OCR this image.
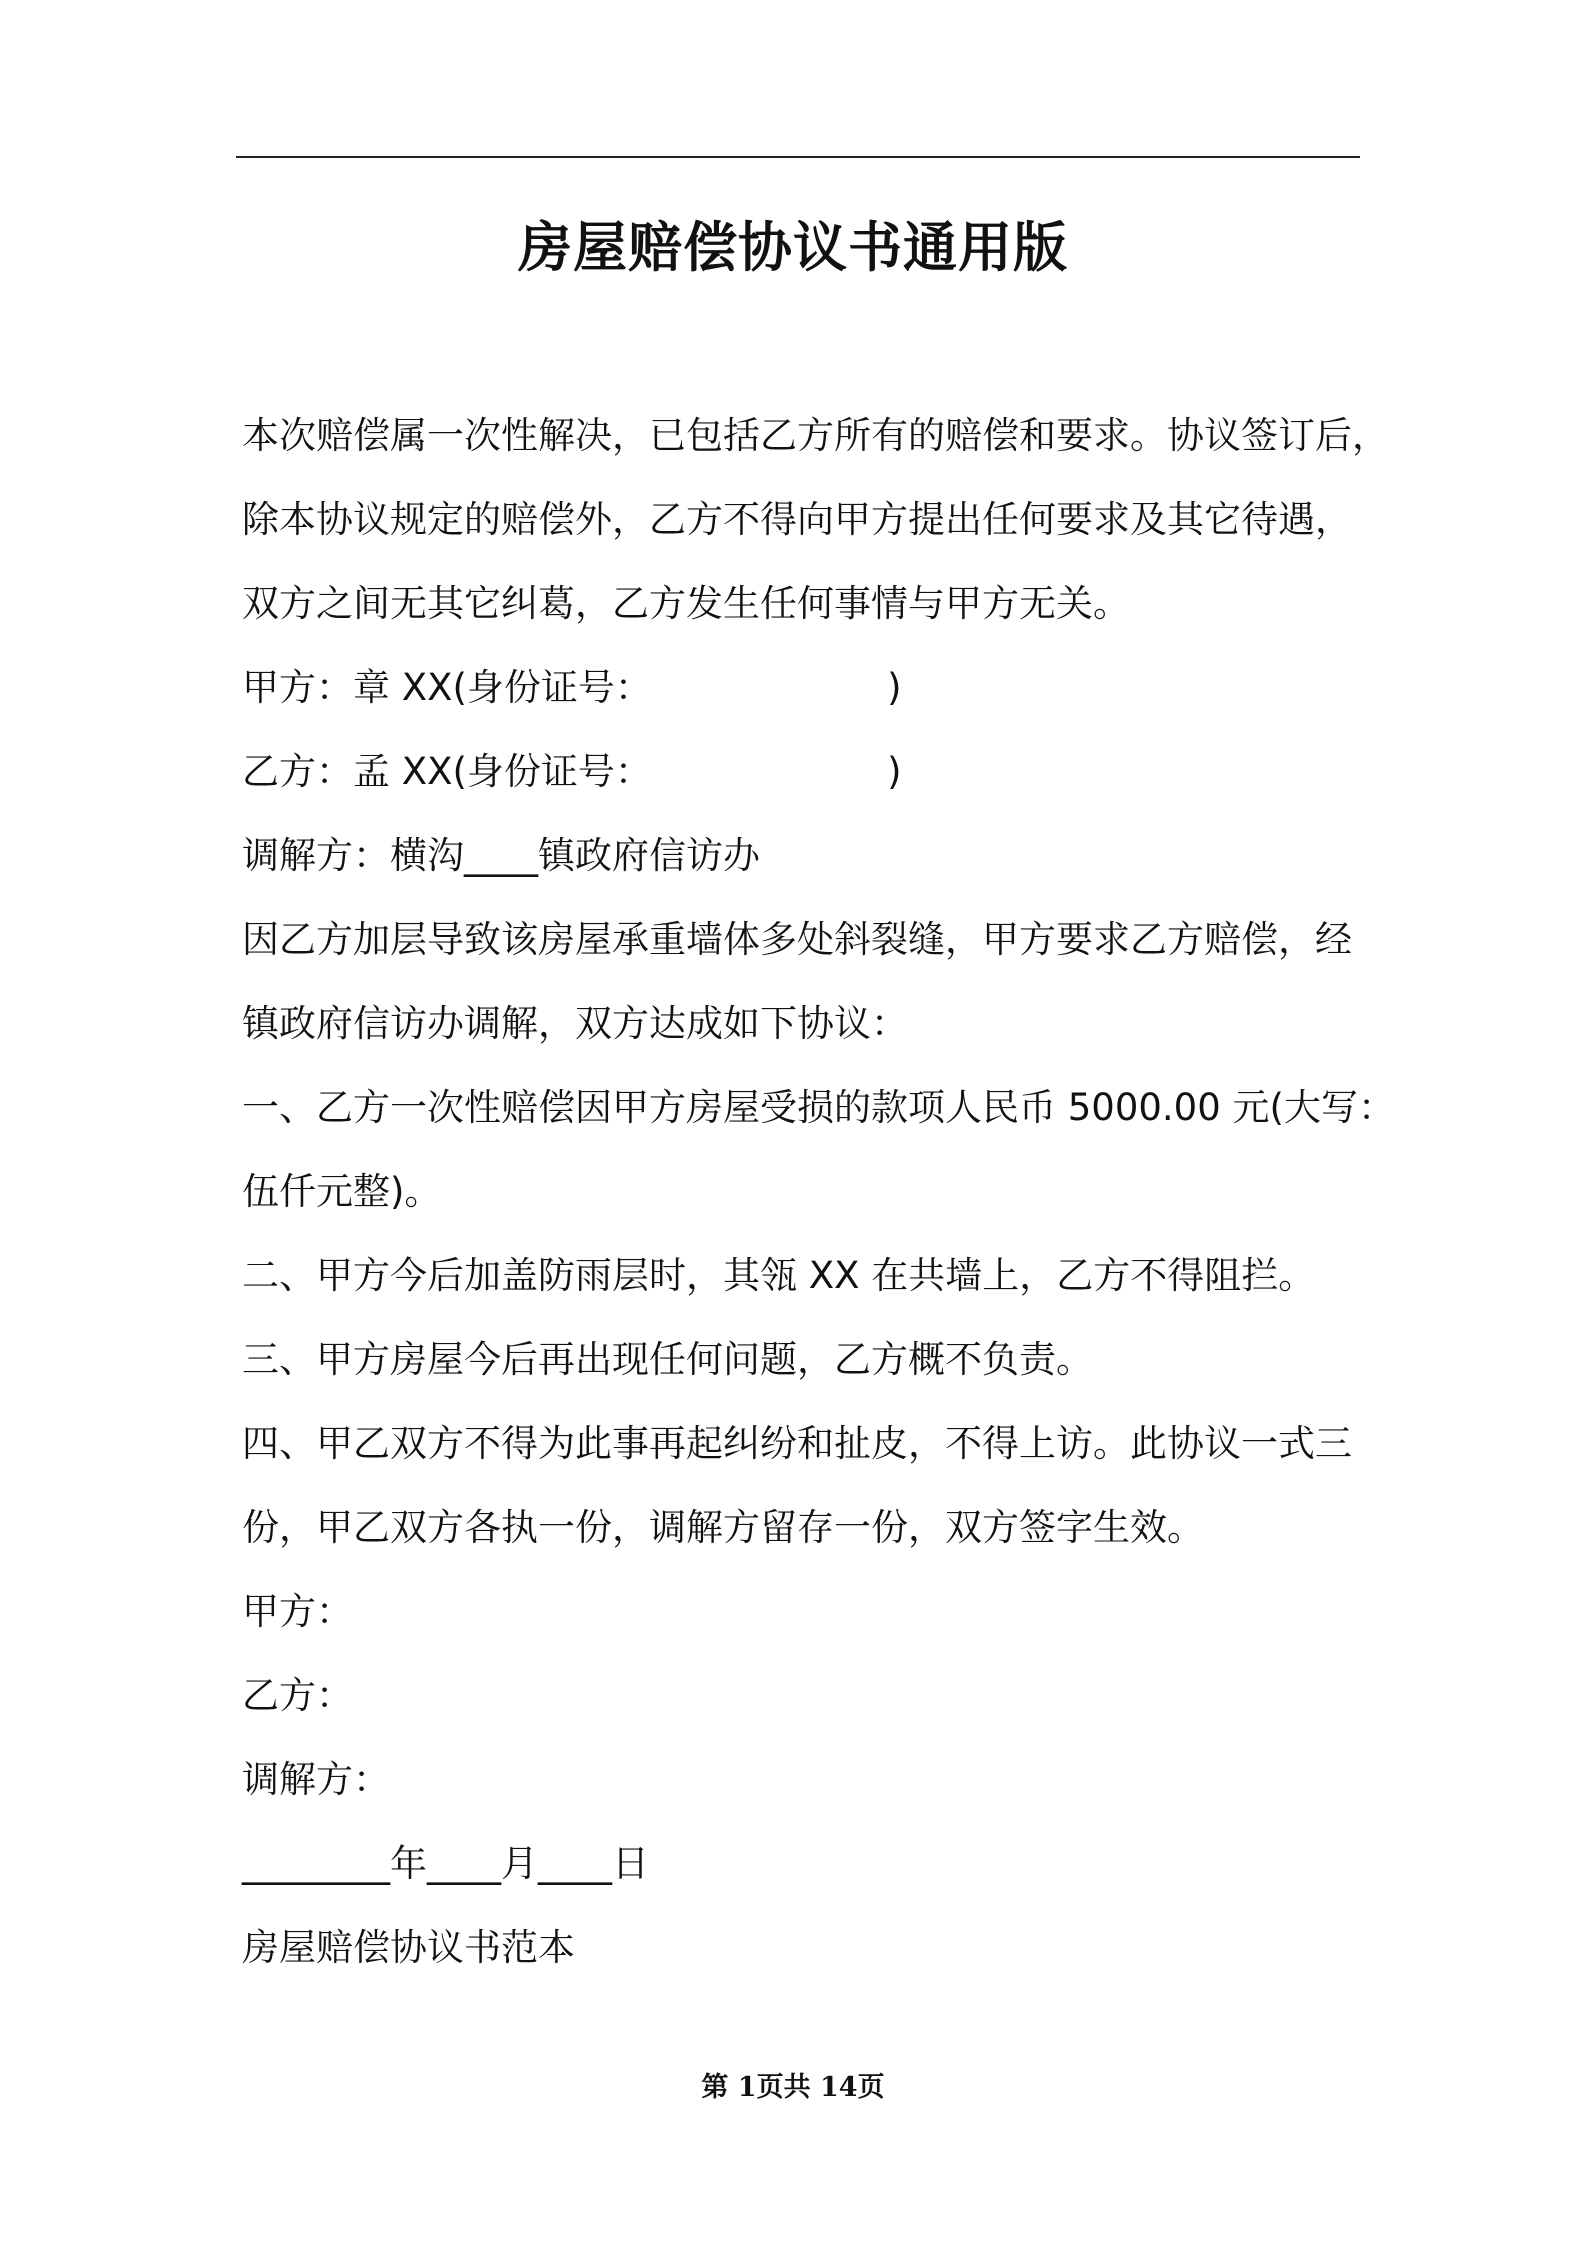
房屋赔偿协议书通用版
本次赔偿属一次性解决，已包括乙方所有的赔偿和要求。协议签订后，
除本协议规定的赔偿外，乙方不得向甲方提出任何要求及其它待遇，
双方之间无其它纠葛，乙方发生任何事情与甲方无关。
甲方：章 XX(身份证号：                    )
乙方：孟 XX(身份证号：                    )
调解方：横沟____镇政府信访办
因乙方加层导致该房屋承重墙体多处斜裂缝，甲方要求乙方赔偿，经
镇政府信访办调解，双方达成如下协议：
一、乙方一次性赔偿因甲方房屋受损的款项人民币 5000.00 元(大写：
伍仟元整)。
二、甲方今后加盖防雨层时，其瓴 XX 在共墙上，乙方不得阻拦。
三、甲方房屋今后再出现任何问题，乙方概不负责。
四、甲乙双方不得为此事再起纠纷和扯皮，不得上访。此协议一式三
份，甲乙双方各执一份，调解方留存一份，双方签字生效。
甲方：
乙方：
调解方：
________年____月____日
房屋赔偿协议书范本
第 1页共 14页
